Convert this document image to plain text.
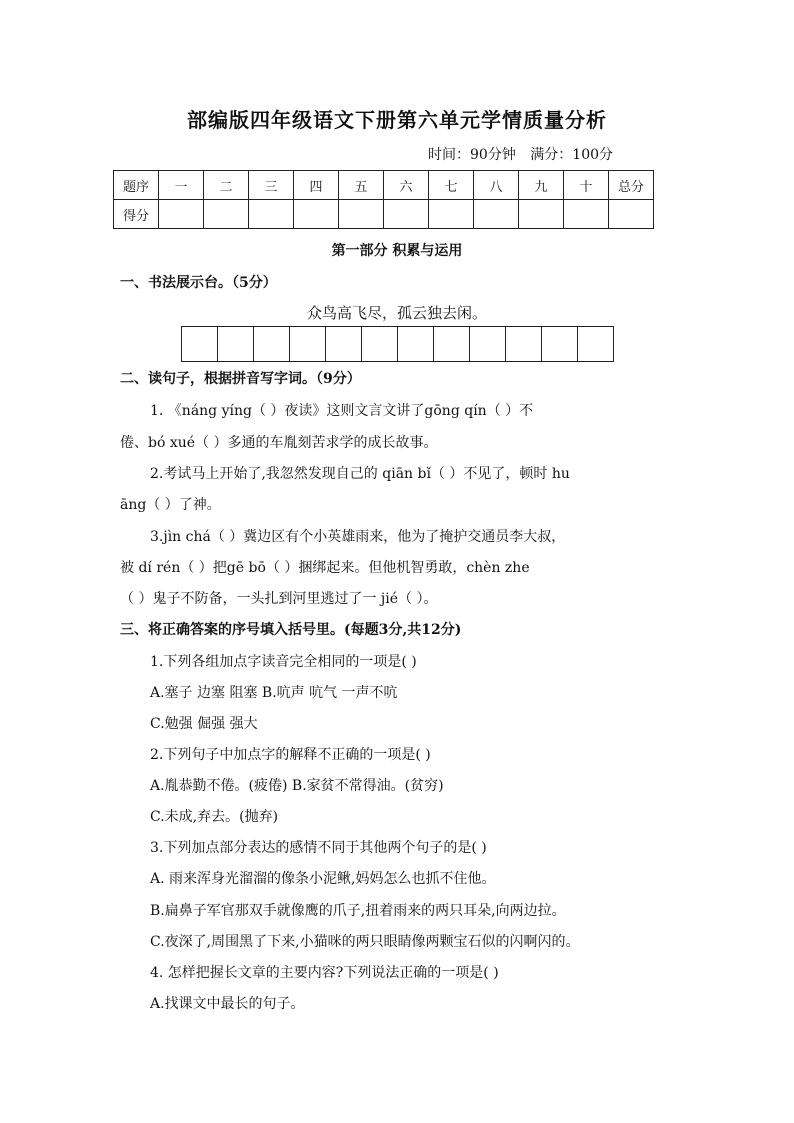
部编版四年级语文下册第六单元学情质量分析
时间：90分钟 满分：100分
题序	一	二	三	四	五	六	七	八	九	十	总分
得分											
第一部分 积累与运用
一、书法展示台。（5分）
众鸟高飞尽，孤云独去闲。
二、读句子，根据拼音写字词。（9分）
1. 《náng yíng（ ）夜读》这则文言文讲了gōng qín（ ）不
倦、bó xué（ ）多通的车胤刻苦求学的成长故事。
2.考试马上开始了,我忽然发现自己的 qiān bǐ（ ）不见了，顿时 hu
āng（ ）了神。
3.jìn chá（ ）冀边区有个小英雄雨来，他为了掩护交通员李大叔，
被 dí rén（ ）把gē bō（ ）捆绑起来。但他机智勇敢，chèn zhe
（ ）鬼子不防备，一头扎到河里逃过了一 jié（ ）。
三、将正确答案的序号填入括号里。(每题3分,共12分)
1.下列各组加点字读音完全相同的一项是( )
A.塞子 边塞 阻塞 B.吭声 吭气 一声不吭
C.勉强 倔强 强大
2.下列句子中加点字的解释不正确的一项是( )
A.胤恭勤不倦。(疲倦) B.家贫不常得油。(贫穷)
C.未成,弃去。(抛弃)
3.下列加点部分表达的感情不同于其他两个句子的是( )
A. 雨来浑身光溜溜的像条小泥鳅,妈妈怎么也抓不住他。
B.扁鼻子军官那双手就像鹰的爪子,扭着雨来的两只耳朵,向两边拉。
C.夜深了,周围黑了下来,小猫咪的两只眼睛像两颗宝石似的闪啊闪的。
4. 怎样把握长文章的主要内容?下列说法正确的一项是( )
A.找课文中最长的句子。
